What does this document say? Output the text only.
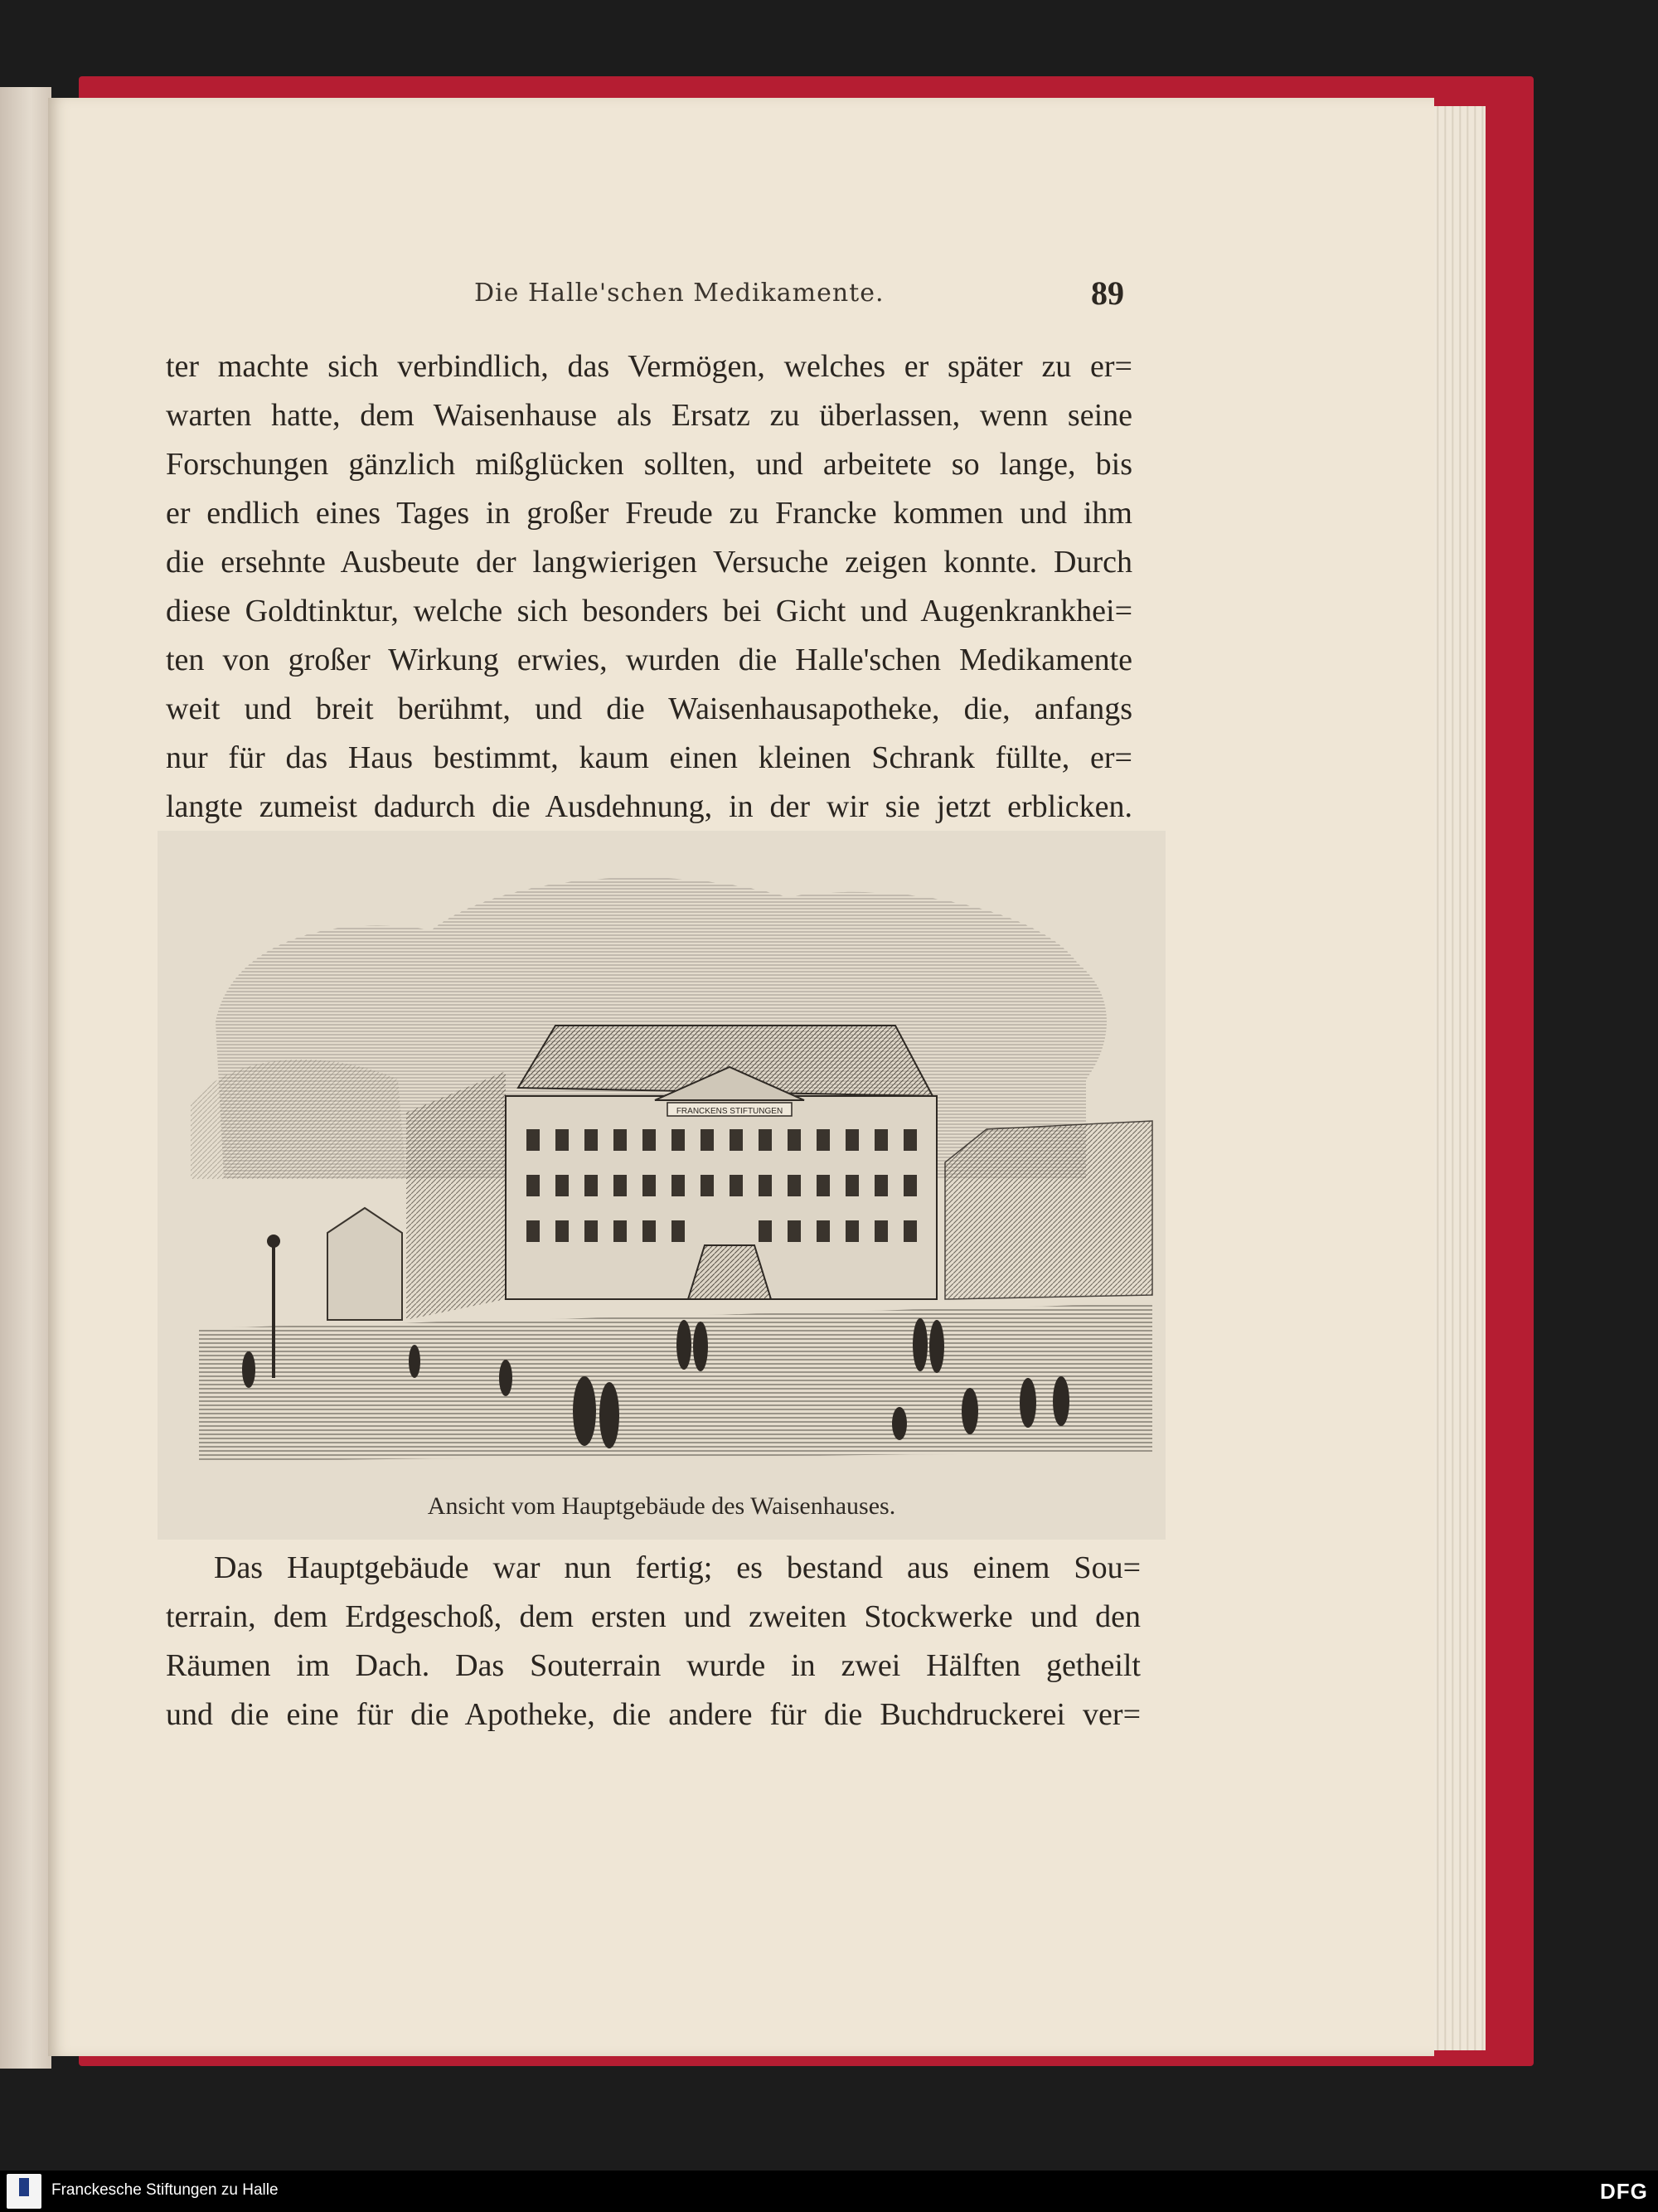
Die Halle'schen Medikamente.	89
ter machte sich verbindlich, das Vermögen, welches er später zu er=
warten hatte, dem Waisenhause als Ersatz zu überlassen, wenn seine
Forschungen gänzlich mißglücken sollten, und arbeitete so lange, bis
er endlich eines Tages in großer Freude zu Francke kommen und ihm
die ersehnte Ausbeute der langwierigen Versuche zeigen konnte. Durch
diese Goldtinktur, welche sich besonders bei Gicht und Augenkrankhei=
ten von großer Wirkung erwies, wurden die Halle'schen Medikamente
weit und breit berühmt, und die Waisenhausapotheke, die, anfangs
nur für das Haus bestimmt, kaum einen kleinen Schrank füllte, er=
langte zumeist dadurch die Ausdehnung, in der wir sie jetzt erblicken.
FRANCKENS STIFTUNGEN
Ansicht vom Hauptgebäude des Waisenhauses.
Das Hauptgebäude war nun fertig; es bestand aus einem Sou=
terrain, dem Erdgeschoß, dem ersten und zweiten Stockwerke und den
Räumen im Dach. Das Souterrain wurde in zwei Hälften getheilt
und die eine für die Apotheke, die andere für die Buchdruckerei ver=
Franckesche Stiftungen zu Halle	DFG
